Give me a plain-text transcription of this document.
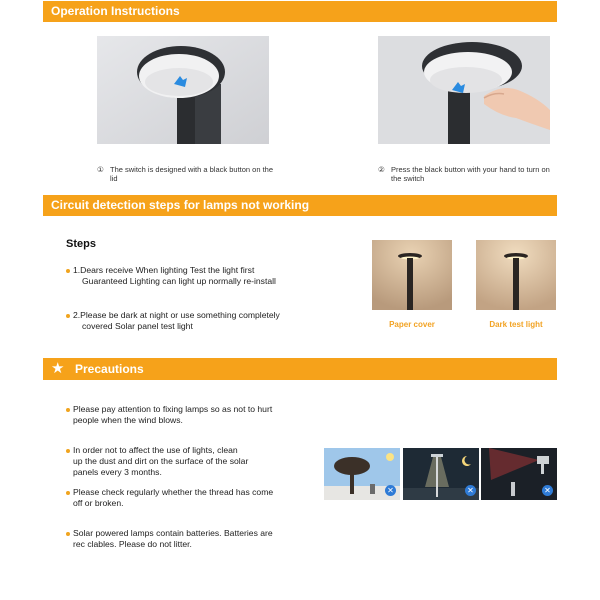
Operation Instructions
① The switch is designed with a black button on the lid
② Press the black button with your hand to turn on the switch
Circuit detection steps for lamps not working
Steps
1.Dears receive When lighting Test the light first
Guaranteed Lighting can light up normally re-install
2.Please be dark at night or use something completely
covered Solar panel test light	Paper cover	Dark test light
★ Precautions
Please pay attention to fixing lamps so as not to hurt
people when the wind blows.
In order not to affect the use of lights, clean
up the dust and dirt on the surface of the solar
panels every 3 months.
Please check regularly whether the thread has come
off or broken.
Solar powered lamps contain batteries. Batteries are
rec clables. Please do not litter.
✕	✕	✕
